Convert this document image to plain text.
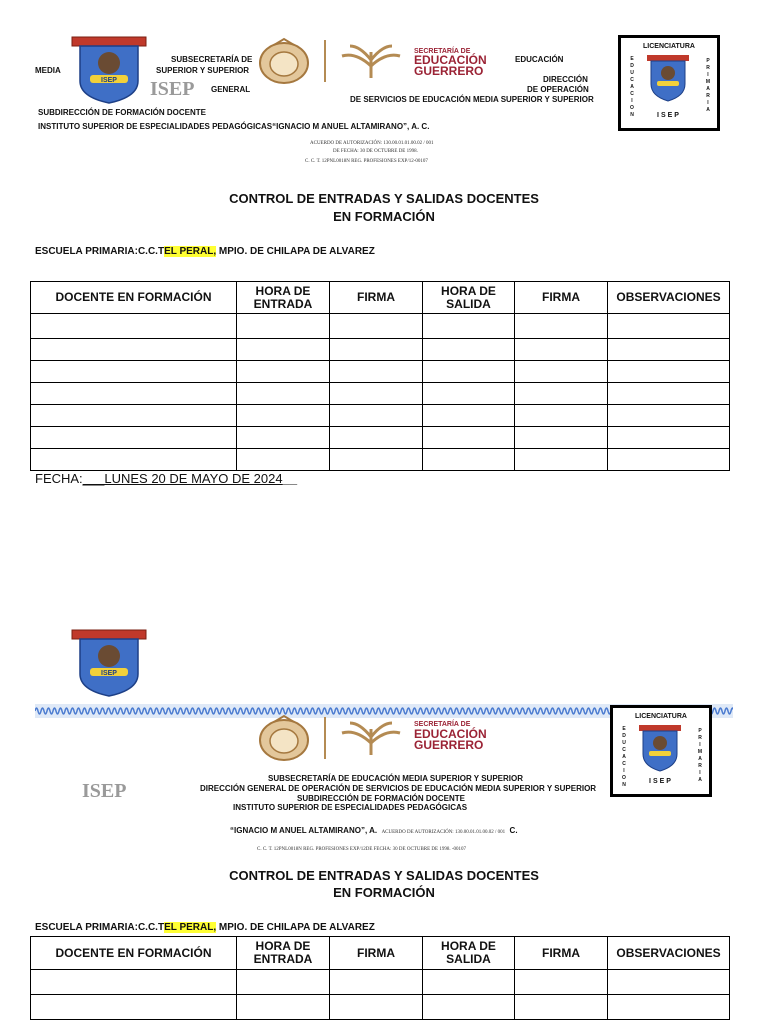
ISEP
MEDIA
SUBSECRETARÍA DE
SUPERIOR Y SUPERIOR
ISEP GENERAL
SECRETARÍA DE
EDUCACIÓN
GUERRERO
EDUCACIÓN
DIRECCIÓN
DE OPERACIÓN
DE SERVICIOS DE EDUCACIÓN MEDIA SUPERIOR Y SUPERIOR
SUBDIRECCIÓN DE FORMACIÓN DOCENTE
INSTITUTO SUPERIOR DE ESPECIALIDADES PEDAGÓGICAS“IGNACIO M ANUEL ALTAMIRANO”, A. C.
ACUERDO DE AUTORIZACIÓN: 130.00.01.01.00.02 / 001
DE FECHA: 30 DE OCTUBRE DE 1998.
C. C. T. 12PNL0018N REG. PROFESIONES EXP/12-00107
LICENCIATURA
E
D
U
C
A
C
I
O
N
P
R
I
M
A
R
I
A
ISEP
CONTROL DE ENTRADAS Y SALIDAS DOCENTES
EN FORMACIÓN
ESCUELA PRIMARIA:C.C.TEL PERAL, MPIO. DE CHILAPA DE ALVAREZ
DOCENTE EN FORMACIÓN	HORA DE ENTRADA	FIRMA	HORA DE SALIDA	FIRMA	OBSERVACIONES

FECHA:___LUNES 20 DE MAYO DE 2024__
ISEP
SECRETARÍA DE
EDUCACIÓN
GUERRERO
LICENCIATURA
E
D
U
C
A
C
I
O
N
P
R
I
M
A
R
I
A
ISEP
ISEP
SUBSECRETARÍA DE EDUCACIÓN MEDIA SUPERIOR Y SUPERIOR
DIRECCIÓN GENERAL DE OPERACIÓN DE SERVICIOS DE EDUCACIÓN MEDIA SUPERIOR Y SUPERIOR
SUBDIRECCIÓN DE FORMACIÓN DOCENTE
INSTITUTO SUPERIOR DE ESPECIALIDADES PEDAGÓGICAS
“IGNACIO M ANUEL ALTAMIRANO”, A. ACUERDO DE AUTORIZACIÓN: 130.00.01.01.00.02 / 001 C.
C. C. T. 12PNL0018N REG. PROFESIONES EXP/12DE FECHA: 30 DE OCTUBRE DE 1998. -00107
CONTROL DE ENTRADAS Y SALIDAS DOCENTES
EN FORMACIÓN
ESCUELA PRIMARIA:C.C.TEL PERAL, MPIO. DE CHILAPA DE ALVAREZ
DOCENTE EN FORMACIÓN	HORA DE ENTRADA	FIRMA	HORA DE SALIDA	FIRMA	OBSERVACIONES
